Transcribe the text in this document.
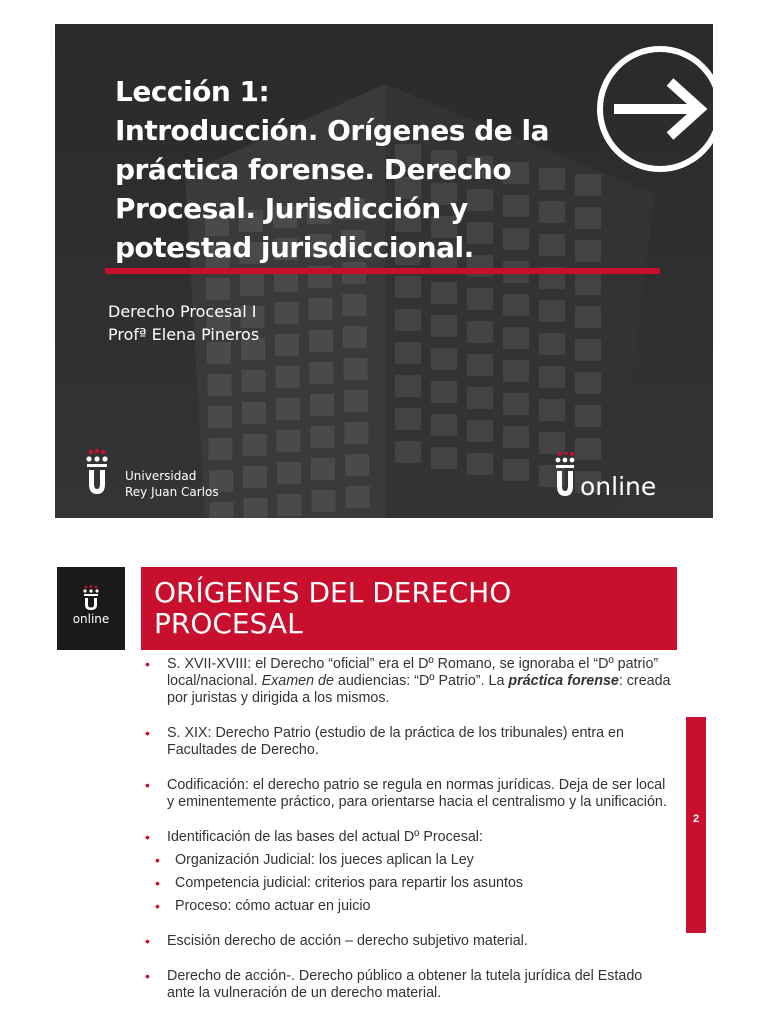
Lección 1:
Introducción. Orígenes de la
práctica forense. Derecho
Procesal. Jurisdicción y
potestad jurisdiccional.
Derecho Procesal I
Profª Elena Pineros
Universidad
Rey Juan Carlos	online
online
ORÍGENES DEL DERECHO
PROCESAL
2
• S. XVII-XVIII: el Derecho “oficial” era el Dº Romano, se ignoraba el “Dº patrio” local/nacional. Examen de audiencias: “Dº Patrio”. La práctica forense: creada por juristas y dirigida a los mismos.
• S. XIX: Derecho Patrio (estudio de la práctica de los tribunales) entra en Facultades de Derecho.
• Codificación: el derecho patrio se regula en normas jurídicas. Deja de ser local y eminentemente práctico, para orientarse hacia el centralismo y la unificación.
• Identificación de las bases del actual Dº Procesal:
• Organización Judicial: los jueces aplican la Ley
• Competencia judicial: criterios para repartir los asuntos
• Proceso: cómo actuar en juicio
• Escisión derecho de acción – derecho subjetivo material.
• Derecho de acción-. Derecho público a obtener la tutela jurídica del Estado ante la vulneración de un derecho material.
